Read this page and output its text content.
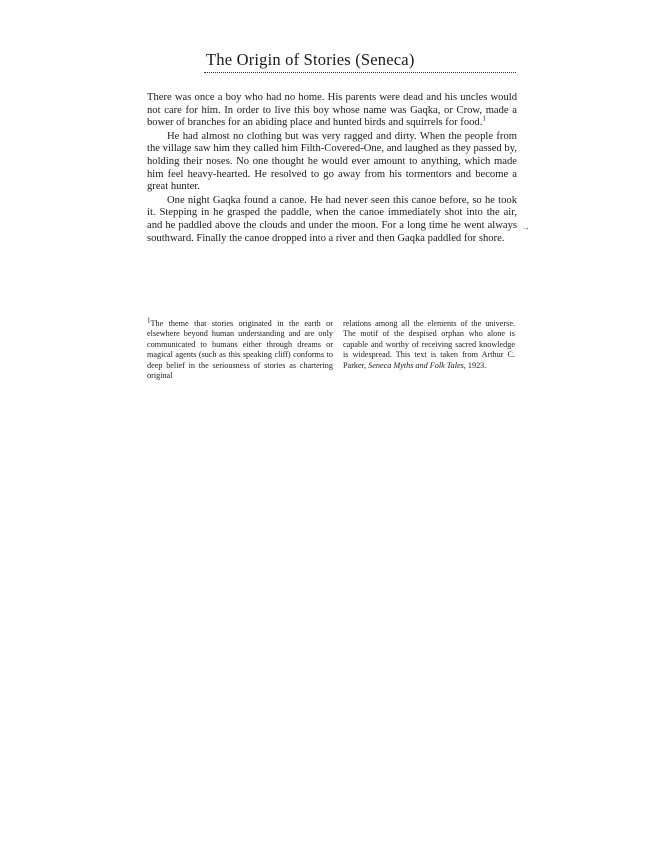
The Origin of Stories (Seneca)

There was once a boy who had no home. His parents were dead and his uncles would not care for him. In order to live this boy whose name was Gaqka, or Crow, made a bower of branches for an abiding place and hunted birds and squirrels for food.$^1$

He had almost no clothing but was very ragged and dirty. When the people from the village saw him they called him Filth-Covered-One, and laughed as they passed by, holding their noses. No one thought he would ever amount to anything, which made him feel heavy-hearted. He resolved to go away from his tormentors and become a great hunter.

One night Gaqka found a canoe. He had never seen this canoe before, so he took it. Stepping in he grasped the paddle, when the canoe immediately shot into the air, and he paddled above the clouds and under the moon. For a long time he went always southward. Finally the canoe dropped into a river and then Gaqka paddled for shore.

→

$^1$The theme that stories originated in the earth or elsewhere beyond human understanding and are only communicated to humans either through dreams or magical agents (such as this speaking cliff) conforms to deep belief in the seriousness of stories as chartering original

relations among all the elements of the universe. The motif of the despised orphan who alone is capable and worthy of receiving sacred knowledge is widespread. This text is taken from Arthur C. Parker, Seneca Myths and Folk Tales, 1923.
